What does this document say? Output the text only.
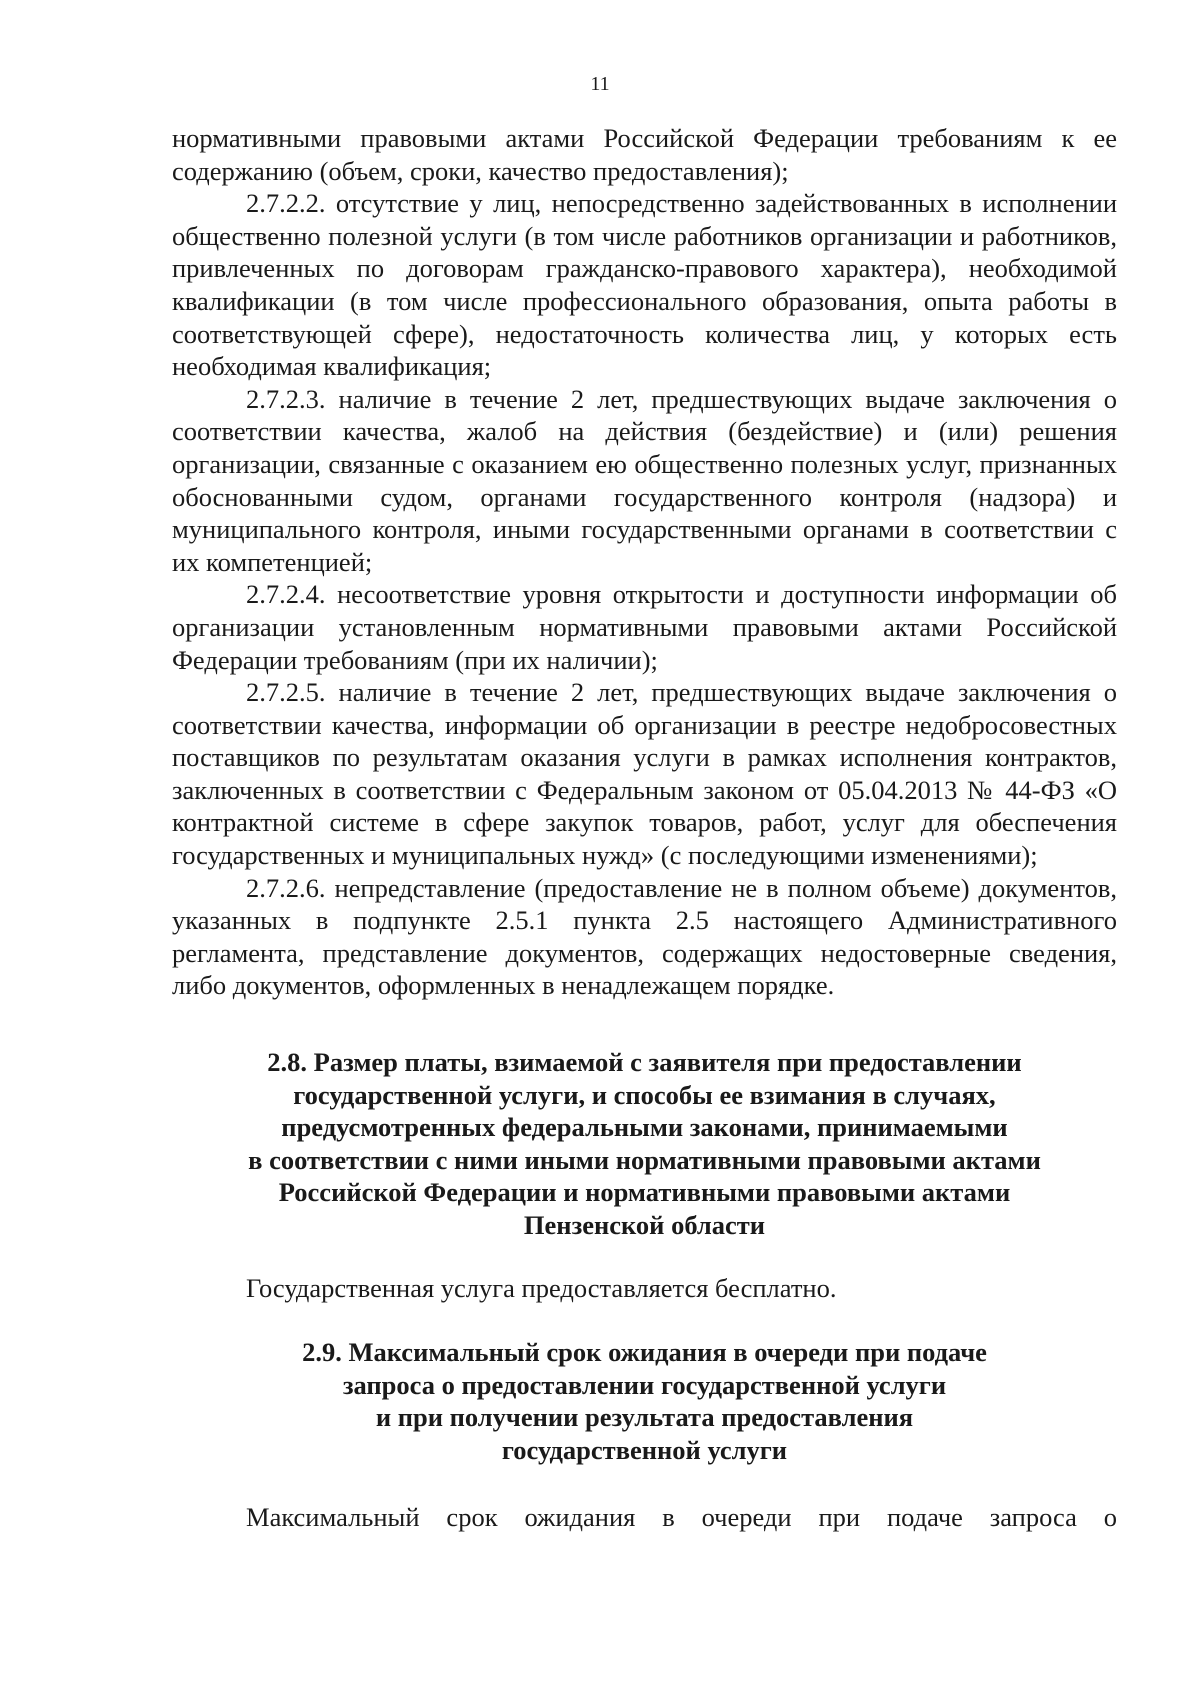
11

нормативными правовыми актами Российской Федерации требованиям к ее содержанию (объем, сроки, качество предоставления);

2.7.2.2. отсутствие у лиц, непосредственно задействованных в исполнении общественно полезной услуги (в том числе работников организации и работников, привлеченных по договорам гражданско-правового характера), необходимой квалификации (в том числе профессионального образования, опыта работы в соответствующей сфере), недостаточность количества лиц, у которых есть необходимая квалификация;

2.7.2.3. наличие в течение 2 лет, предшествующих выдаче заключения о соответствии качества, жалоб на действия (бездействие) и (или) решения организации, связанные с оказанием ею общественно полезных услуг, признанных обоснованными судом, органами государственного контроля (надзора) и муниципального контроля, иными государственными органами в соответствии с их компетенцией;

2.7.2.4. несоответствие уровня открытости и доступности информации об организации установленным нормативными правовыми актами Российской Федерации требованиям (при их наличии);

2.7.2.5. наличие в течение 2 лет, предшествующих выдаче заключения о соответствии качества, информации об организации в реестре недобросовестных поставщиков по результатам оказания услуги в рамках исполнения контрактов, заключенных в соответствии с Федеральным законом от 05.04.2013 № 44-ФЗ «О контрактной системе в сфере закупок товаров, работ, услуг для обеспечения государственных и муниципальных нужд» (с последующими изменениями);

2.7.2.6. непредставление (предоставление не в полном объеме) документов, указанных в подпункте 2.5.1 пункта 2.5 настоящего Административного регламента, представление документов, содержащих недостоверные сведения, либо документов, оформленных в ненадлежащем порядке.

2.8. Размер платы, взимаемой с заявителя при предоставлении
государственной услуги, и способы ее взимания в случаях,
предусмотренных федеральными законами, принимаемыми
в соответствии с ними иными нормативными правовыми актами
Российской Федерации и нормативными правовыми актами
Пензенской области

Государственная услуга предоставляется бесплатно.

2.9. Максимальный срок ожидания в очереди при подаче
запроса о предоставлении государственной услуги
и при получении результата предоставления
государственной услуги

Максимальный срок ожидания в очереди при подаче запроса о
